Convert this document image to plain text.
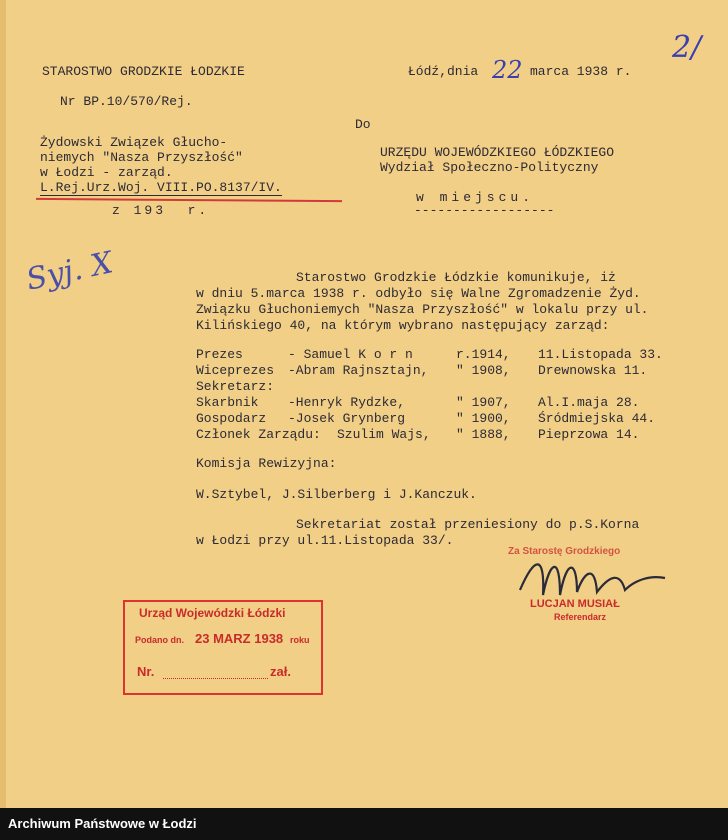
STAROSTWO GRODZKIE ŁODZKIE
Nr BP.10/570/Rej.
Żydowski Związek Głucho-
niemych "Nasza Przyszłość"
w Łodzi - zarząd.
L.Rej.Urz.Woj. VIII.PO.8137/IV.
z 193  r.
Łódź,dnia 22 marca 1938 r.
Do
URZĘDU WOJEWÓDZKIEGO ŁÓDZKIEGO
Wydział Społeczno-Polityczny
w miejscu.
------------------
2/
Syj. X	Starostwo Grodzkie Łódzkie komunikuje, iż
w dniu 5.marca 1938 r. odbyło się Walne Zgromadzenie Żyd.
Związku Głuchoniemych "Nasza Przyszłość" w lokalu przy ul.
Kilińskiego 40, na którym wybrano następujący zarząd:
Prezes	- Samuel K o r n	r.1914, 11.Listopada 33.
Wiceprezes -Abram Rajnsztajn, " 1908, Drewnowska 11.
Sekretarz:
Skarbnik -Henryk Rydzke,	" 1907, Al.I.maja 28.
Gospodarz -Josek Grynberg	" 1900, Śródmiejska 44.
Członek Zarządu: Szulim Wajs, " 1888, Pieprzowa 14.
Komisja Rewizyjna:
W.Sztybel, J.Silberberg i J.Kanczuk.
Sekretariat został przeniesiony do p.S.Korna
w Łodzi przy ul.11.Listopada 33/.
Za Starostę Grodzkiego
LUCJAN MUSIAŁ
Referendarz
Urząd Wojewódzki Łódzki
Podano dn. 23 MARZ 1938 roku
Nr.	zał.
Archiwum Państwowe w Łodzi
